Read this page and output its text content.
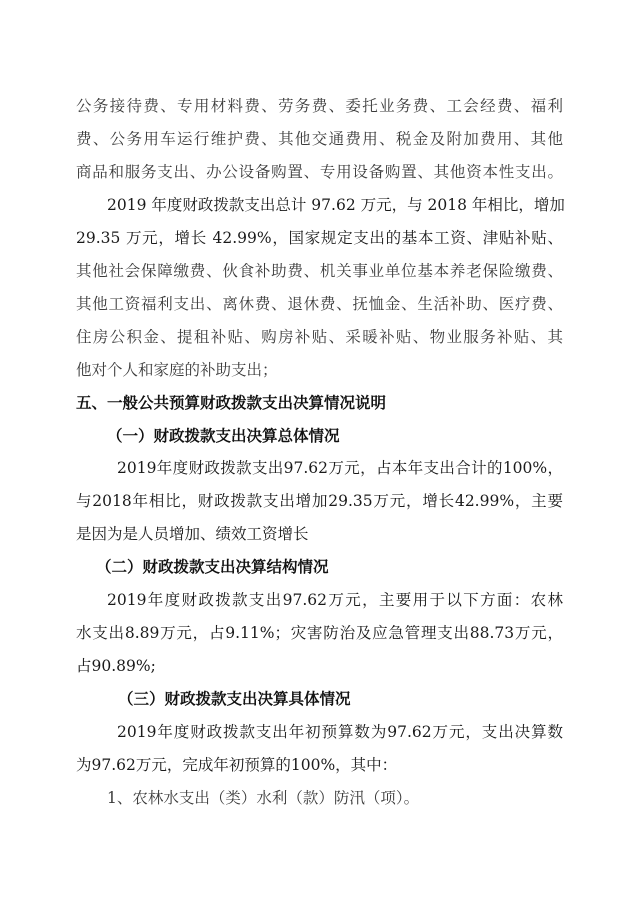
公务接待费、专用材料费、劳务费、委托业务费、工会经费、福利
费、公务用车运行维护费、其他交通费用、税金及附加费用、其他
商品和服务支出、办公设备购置、专用设备购置、其他资本性支出。
2019 年度财政拨款支出总计 97.62 万元，与 2018 年相比，增加
29.35 万元，增长 42.99%，国家规定支出的基本工资、津贴补贴、
其他社会保障缴费、伙食补助费、机关事业单位基本养老保险缴费、
其他工资福利支出、离休费、退休费、抚恤金、生活补助、医疗费、
住房公积金、提租补贴、购房补贴、采暖补贴、物业服务补贴、其
他对个人和家庭的补助支出；
五、一般公共预算财政拨款支出决算情况说明
（一）财政拨款支出决算总体情况
2019年度财政拨款支出97.62万元，占本年支出合计的100%，
与2018年相比，财政拨款支出增加29.35万元，增长42.99%，主要
是因为是人员增加、绩效工资增长
（二）财政拨款支出决算结构情况
2019年度财政拨款支出97.62万元，主要用于以下方面：农林
水支出8.89万元，占9.11%；灾害防治及应急管理支出88.73万元，
占90.89%;
（三）财政拨款支出决算具体情况
2019年度财政拨款支出年初预算数为97.62万元，支出决算数
为97.62万元，完成年初预算的100%，其中：
1、农林水支出（类）水利（款）防汛（项）。
